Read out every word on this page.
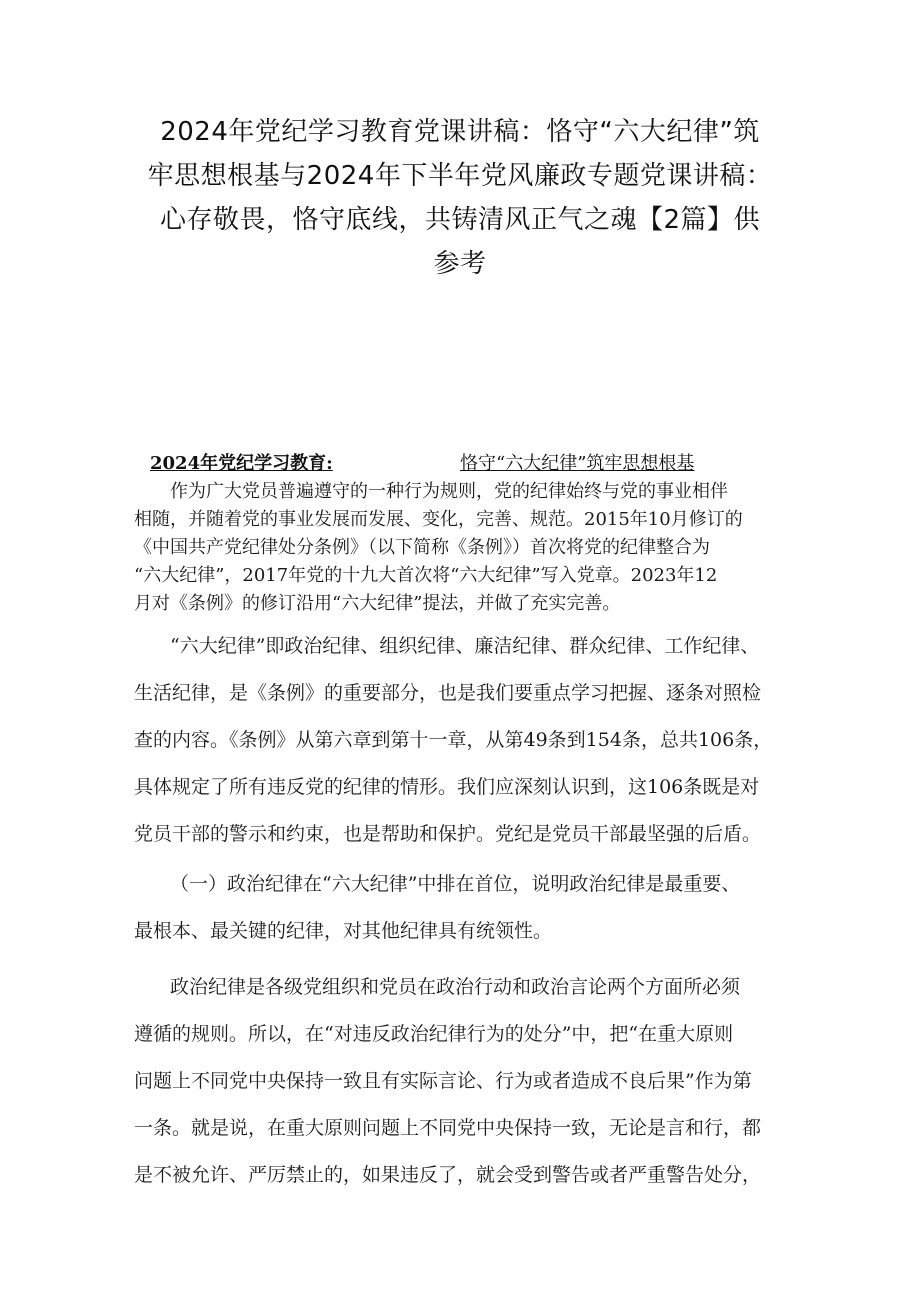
2024年党纪学习教育党课讲稿：恪守“六大纪律”筑
牢思想根基与2024年下半年党风廉政专题党课讲稿：
心存敬畏，恪守底线，共铸清风正气之魂【2篇】供
参考
2024年党纪学习教育:	恪守“六大纪律”筑牢思想根基
作为广大党员普遍遵守的一种行为规则，党的纪律始终与党的事业相伴
相随，并随着党的事业发展而发展、变化，完善、规范。2015年10月修订的
《中国共产党纪律处分条例》（以下简称《条例》）首次将党的纪律整合为
“六大纪律”，2017年党的十九大首次将“六大纪律”写入党章。2023年12
月对《条例》的修订沿用“六大纪律”提法，并做了充实完善。
“六大纪律”即政治纪律、组织纪律、廉洁纪律、群众纪律、工作纪律、
生活纪律，是《条例》的重要部分，也是我们要重点学习把握、逐条对照检
查的内容。《条例》从第六章到第十一章，从第49条到154条，总共106条，
具体规定了所有违反党的纪律的情形。我们应深刻认识到，这106条既是对
党员干部的警示和约束，也是帮助和保护。党纪是党员干部最坚强的后盾。
（一）政治纪律在“六大纪律”中排在首位，说明政治纪律是最重要、
最根本、最关键的纪律，对其他纪律具有统领性。
政治纪律是各级党组织和党员在政治行动和政治言论两个方面所必须
遵循的规则。所以，在“对违反政治纪律行为的处分”中，把“在重大原则
问题上不同党中央保持一致且有实际言论、行为或者造成不良后果”作为第
一条。就是说，在重大原则问题上不同党中央保持一致，无论是言和行，都
是不被允许、严厉禁止的，如果违反了，就会受到警告或者严重警告处分，
